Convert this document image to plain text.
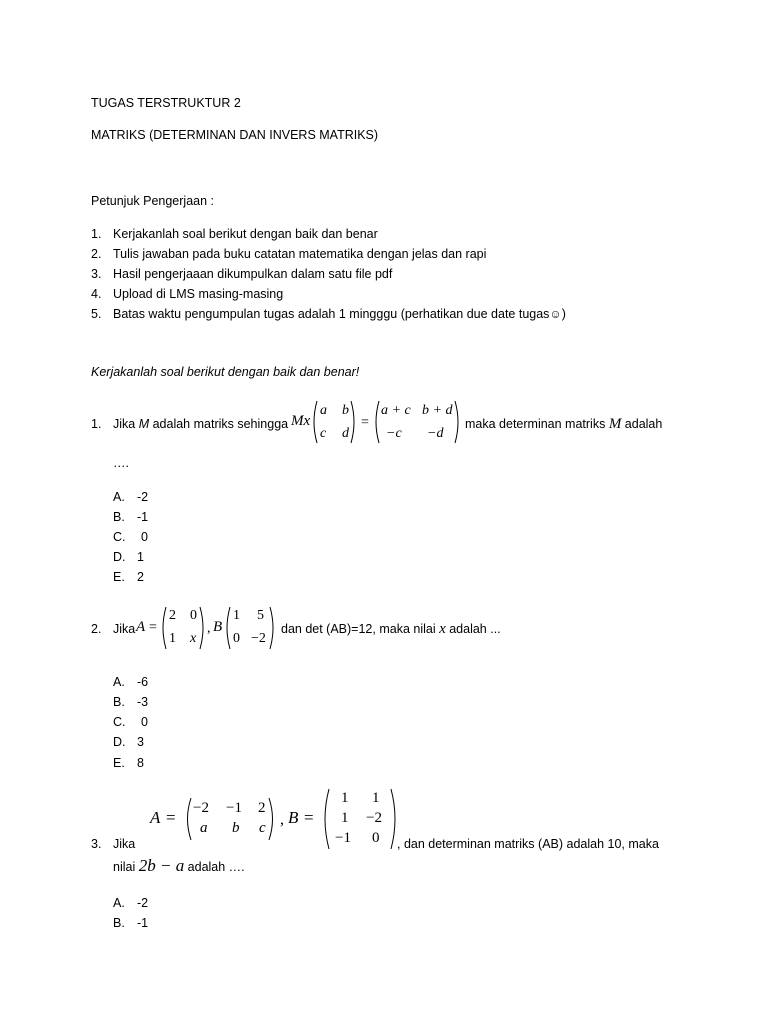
TUGAS TERSTRUKTUR 2
MATRIKS (DETERMINAN DAN INVERS MATRIKS)
Petunjuk Pengerjaan :
1. Kerjakanlah soal berikut dengan baik dan benar
2. Tulis jawaban pada buku catatan matematika dengan jelas dan rapi
3. Hasil pengerjaaan dikumpulkan dalam satu file pdf
4. Upload di LMS masing-masing
5. Batas waktu pengumpulan tugas adalah 1 mingggu (perhatikan due date tugas☺)
Kerjakanlah soal berikut dengan baik dan benar!
1. Jika M adalah matriks sehingga Mx
a b
c d
=
a + c b + d
−c −d
maka determinan matriks M adalah
….
A. -2
B. -1
C. 0
D. 1
E. 2
2. Jika A =
2 0
1 x
, B
1 5
0 −2
dan det (AB)=12, maka nilai x adalah ...
A. -6
B. -3
C. 0
D. 3
E. 8
A = −2 −1 2
a b c , B =
1 1
1 −2
−1 0
3. Jika	, dan determinan matriks (AB) adalah 10, maka
nilai 2b − a adalah ….
A. -2
B. -1
